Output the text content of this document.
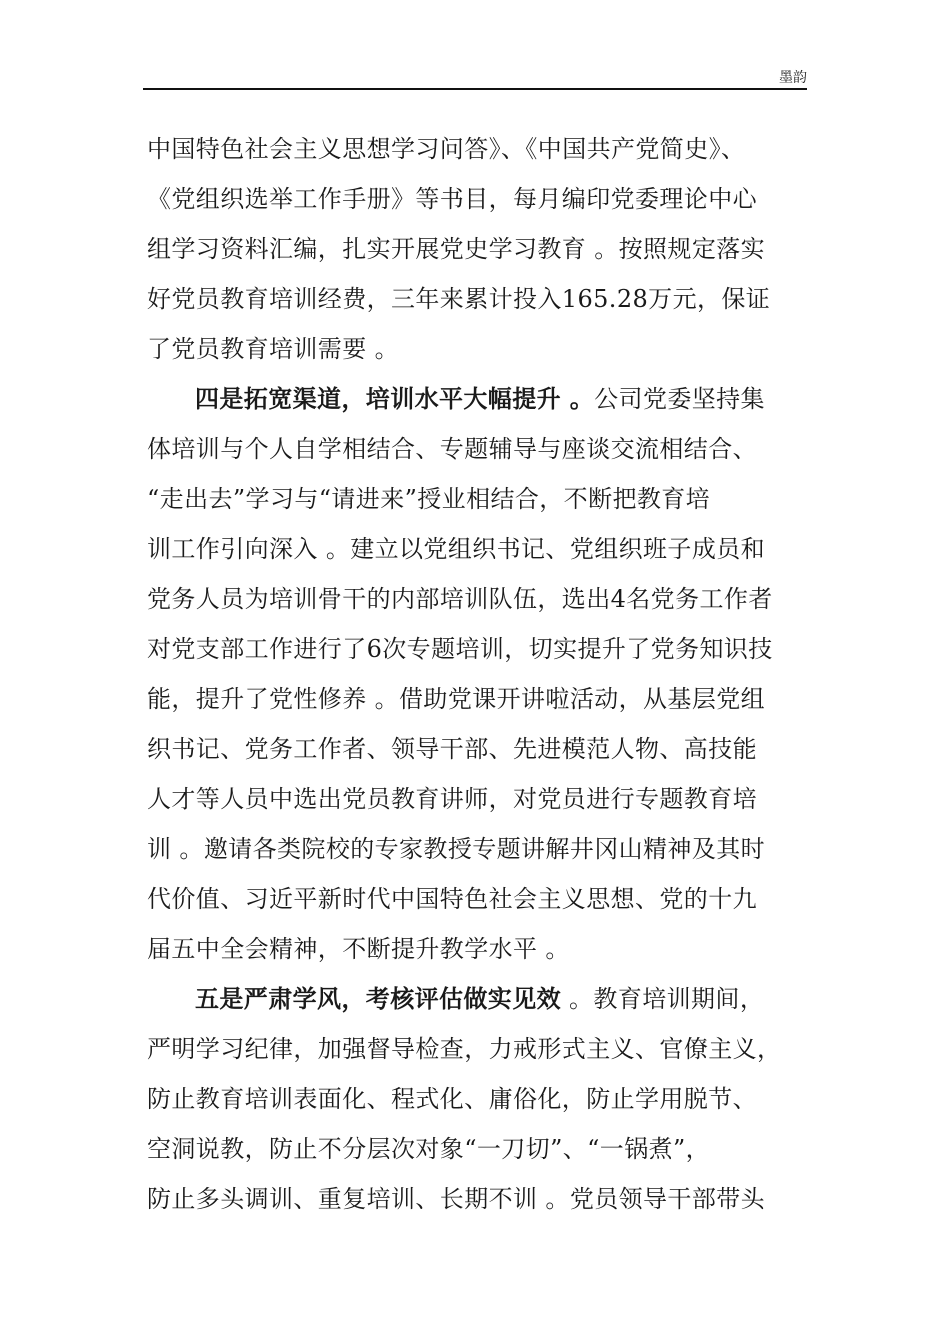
墨韵
中国特色社会主义思想学习问答》、《中国共产党简史》、
《党组织选举工作手册》等书目，每月编印党委理论中心
组学习资料汇编，扎实开展党史学习教育 。按照规定落实
好党员教育培训经费，三年来累计投入165.28万元，保证
了党员教育培训需要 。
四是拓宽渠道，培训水平大幅提升 。公司党委坚持集
体培训与个人自学相结合、专题辅导与座谈交流相结合、
“走出去”学习与“请进来”授业相结合，不断把教育培
训工作引向深入 。建立以党组织书记、党组织班子成员和
党务人员为培训骨干的内部培训队伍，选出4名党务工作者
对党支部工作进行了6次专题培训，切实提升了党务知识技
能，提升了党性修养 。借助党课开讲啦活动，从基层党组
织书记、党务工作者、领导干部、先进模范人物、高技能
人才等人员中选出党员教育讲师，对党员进行专题教育培
训 。邀请各类院校的专家教授专题讲解井冈山精神及其时
代价值、习近平新时代中国特色社会主义思想、党的十九
届五中全会精神，不断提升教学水平 。
五是严肃学风，考核评估做实见效 。教育培训期间，
严明学习纪律，加强督导检查，力戒形式主义、官僚主义，
防止教育培训表面化、程式化、庸俗化，防止学用脱节、
空洞说教，防止不分层次对象“一刀切”、“一锅煮”，
防止多头调训、重复培训、长期不训 。党员领导干部带头
